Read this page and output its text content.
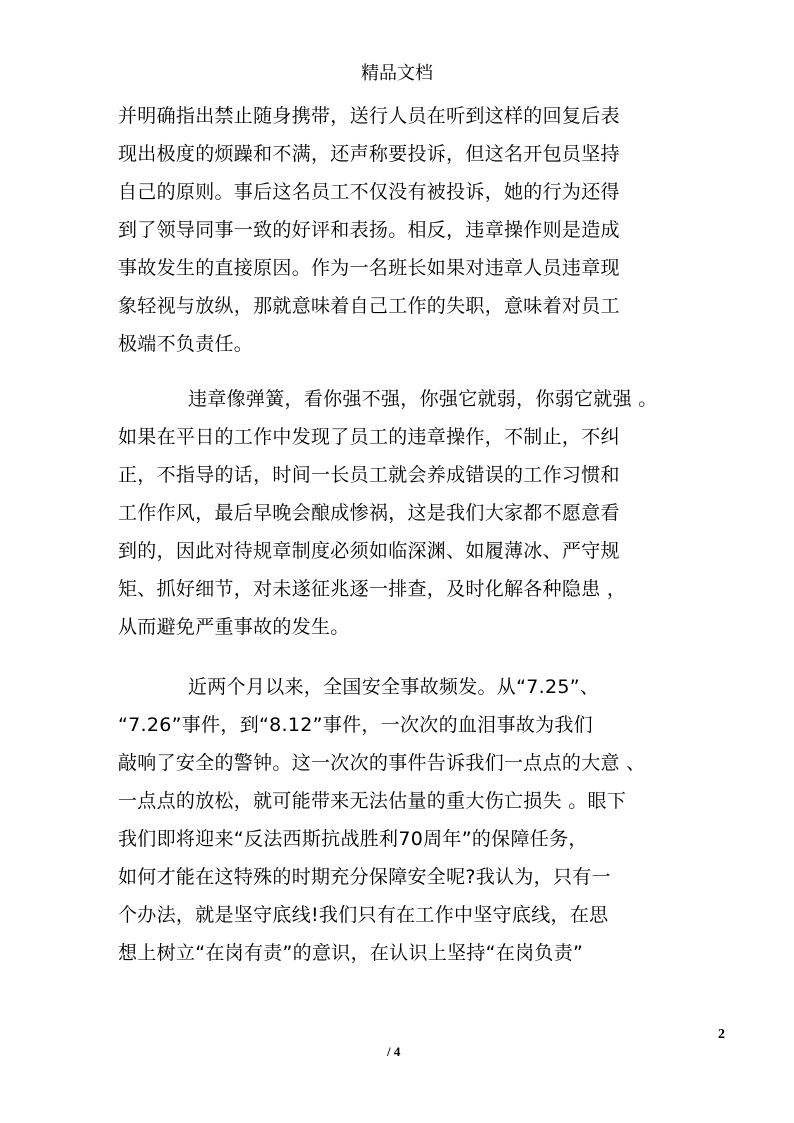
精品文档
并明确指出禁止随身携带，送行人员在听到这样的回复后表
现出极度的烦躁和不满，还声称要投诉，但这名开包员坚持
自己的原则。事后这名员工不仅没有被投诉，她的行为还得
到了领导同事一致的好评和表扬。相反，违章操作则是造成
事故发生的直接原因。作为一名班长如果对违章人员违章现
象轻视与放纵，那就意味着自己工作的失职，意味着对员工
极端不负责任。
违章像弹簧，看你强不强，你强它就弱，你弱它就强 。
如果在平日的工作中发现了员工的违章操作，不制止，不纠
正，不指导的话，时间一长员工就会养成错误的工作习惯和
工作作风，最后早晚会酿成惨祸，这是我们大家都不愿意看
到的，因此对待规章制度必须如临深渊、如履薄冰、严守规
矩、抓好细节，对未遂征兆逐一排查，及时化解各种隐患 ，
从而避免严重事故的发生。
近两个月以来，全国安全事故频发。从“7.25”、
“7.26”事件，到“8.12”事件，一次次的血泪事故为我们
敲响了安全的警钟。这一次次的事件告诉我们一点点的大意 、
一点点的放松，就可能带来无法估量的重大伤亡损失 。眼下
我们即将迎来“反法西斯抗战胜利70周年”的保障任务，
如何才能在这特殊的时期充分保障安全呢?我认为，只有一
个办法，就是坚守底线!我们只有在工作中坚守底线，在思
想上树立“在岗有责”的意识，在认识上坚持“在岗负责”
2
/ 4
